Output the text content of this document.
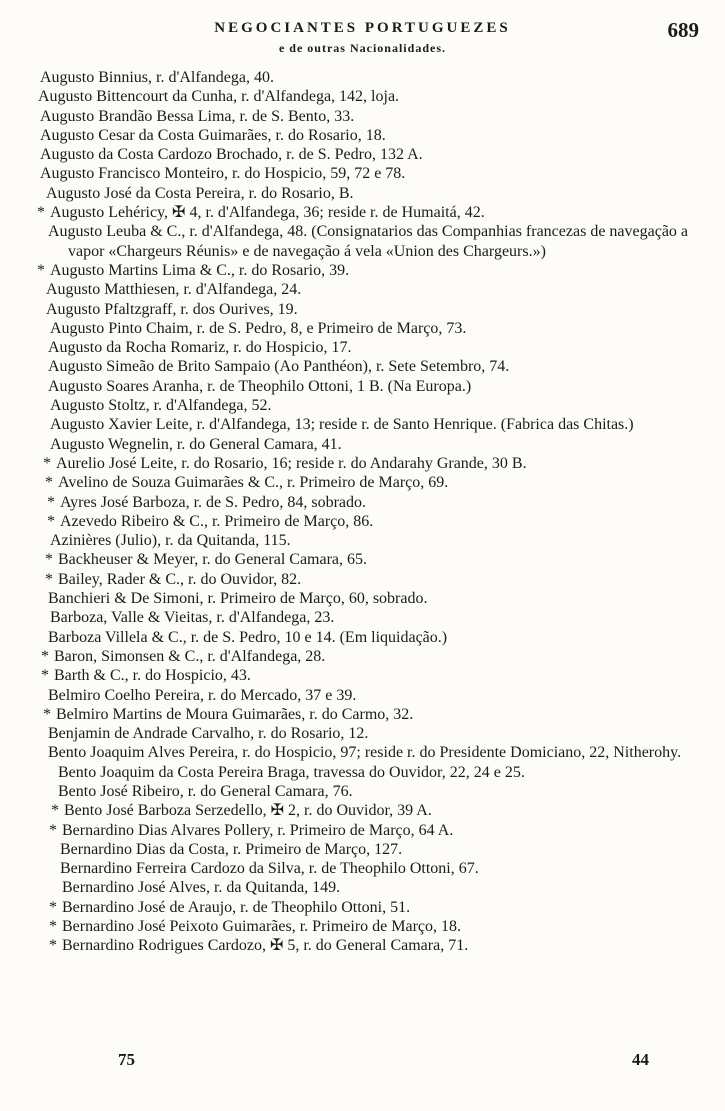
NEGOCIANTES PORTUGUEZES
e de outras Nacionalidades.
689
Augusto Binnius, r. d'Alfandega, 40.
Augusto Bittencourt da Cunha, r. d'Alfandega, 142, loja.
Augusto Brandão Bessa Lima, r. de S. Bento, 33.
Augusto Cesar da Costa Guimarães, r. do Rosario, 18.
Augusto da Costa Cardozo Brochado, r. de S. Pedro, 132 A.
Augusto Francisco Monteiro, r. do Hospicio, 59, 72 e 78.
Augusto José da Costa Pereira, r. do Rosario, B.
* Augusto Lehéricy, ✠ 4, r. d'Alfandega, 36; reside r. de Humaitá, 42.
Augusto Leuba & C., r. d'Alfandega, 48. (Consignatarios das Companhias francezas de navegação a vapor «Chargeurs Réunis» e de navegação á vela «Union des Chargeurs.»)
* Augusto Martins Lima & C., r. do Rosario, 39.
Augusto Matthiesen, r. d'Alfandega, 24.
Augusto Pfaltzgraff, r. dos Ourives, 19.
Augusto Pinto Chaim, r. de S. Pedro, 8, e Primeiro de Março, 73.
Augusto da Rocha Romariz, r. do Hospicio, 17.
Augusto Simeão de Brito Sampaio (Ao Panthéon), r. Sete Setembro, 74.
Augusto Soares Aranha, r. de Theophilo Ottoni, 1 B. (Na Europa.)
Augusto Stoltz, r. d'Alfandega, 52.
Augusto Xavier Leite, r. d'Alfandega, 13; reside r. de Santo Henrique. (Fabrica das Chitas.)
Augusto Wegnelin, r. do General Camara, 41.
* Aurelio José Leite, r. do Rosario, 16; reside r. do Andarahy Grande, 30 B.
* Avelino de Souza Guimarães & C., r. Primeiro de Março, 69.
* Ayres José Barboza, r. de S. Pedro, 84, sobrado.
* Azevedo Ribeiro & C., r. Primeiro de Março, 86.
Azinières (Julio), r. da Quitanda, 115.
* Backheuser & Meyer, r. do General Camara, 65.
* Bailey, Rader & C., r. do Ouvidor, 82.
Banchieri & De Simoni, r. Primeiro de Março, 60, sobrado.
Barboza, Valle & Vieitas, r. d'Alfandega, 23.
Barboza Villela & C., r. de S. Pedro, 10 e 14. (Em liquidação.)
* Baron, Simonsen & C., r. d'Alfandega, 28.
* Barth & C., r. do Hospicio, 43.
Belmiro Coelho Pereira, r. do Mercado, 37 e 39.
* Belmiro Martins de Moura Guimarães, r. do Carmo, 32.
Benjamin de Andrade Carvalho, r. do Rosario, 12.
Bento Joaquim Alves Pereira, r. do Hospicio, 97; reside r. do Presidente Domiciano, 22, Nitherohy.
Bento Joaquim da Costa Pereira Braga, travessa do Ouvidor, 22, 24 e 25.
Bento José Ribeiro, r. do General Camara, 76.
* Bento José Barboza Serzedello, ✠ 2, r. do Ouvidor, 39 A.
* Bernardino Dias Alvares Pollery, r. Primeiro de Março, 64 A.
Bernardino Dias da Costa, r. Primeiro de Março, 127.
Bernardino Ferreira Cardozo da Silva, r. de Theophilo Ottoni, 67.
Bernardino José Alves, r. da Quitanda, 149.
* Bernardino José de Araujo, r. de Theophilo Ottoni, 51.
* Bernardino José Peixoto Guimarães, r. Primeiro de Março, 18.
* Bernardino Rodrigues Cardozo, ✠ 5, r. do General Camara, 71.
75	44
